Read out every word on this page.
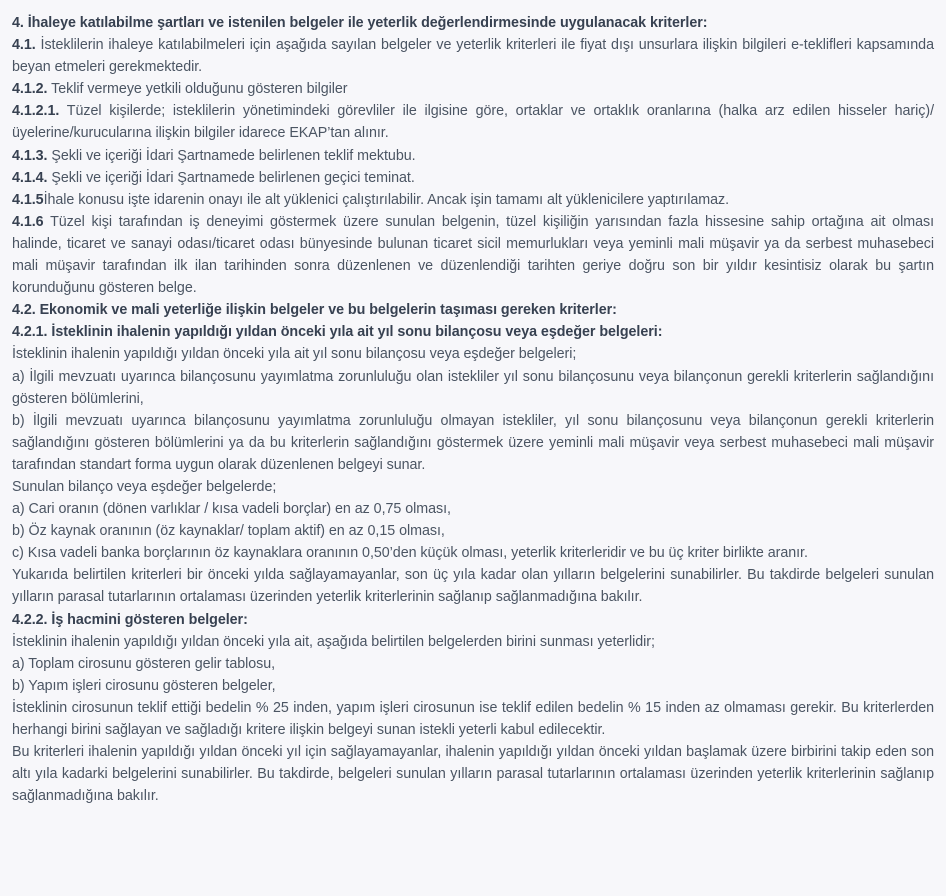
4. İhaleye katılabilme şartları ve istenilen belgeler ile yeterlik değerlendirmesinde uygulanacak kriterler:

4.1. İsteklilerin ihaleye katılabilmeleri için aşağıda sayılan belgeler ve yeterlik kriterleri ile fiyat dışı unsurlara ilişkin bilgileri e-teklifleri kapsamında beyan etmeleri gerekmektedir.

4.1.2. Teklif vermeye yetkili olduğunu gösteren bilgiler

4.1.2.1. Tüzel kişilerde; isteklilerin yönetimindeki görevliler ile ilgisine göre, ortaklar ve ortaklık oranlarına (halka arz edilen hisseler hariç)/üyelerine/kurucularına ilişkin bilgiler idarece EKAP’tan alınır.

4.1.3. Şekli ve içeriği İdari Şartnamede belirlenen teklif mektubu.

4.1.4. Şekli ve içeriği İdari Şartnamede belirlenen geçici teminat.

4.1.5İhale konusu işte idarenin onayı ile alt yüklenici çalıştırılabilir. Ancak işin tamamı alt yüklenicilere yaptırılamaz.

4.1.6 Tüzel kişi tarafından iş deneyimi göstermek üzere sunulan belgenin, tüzel kişiliğin yarısından fazla hissesine sahip ortağına ait olması halinde, ticaret ve sanayi odası/ticaret odası bünyesinde bulunan ticaret sicil memurlukları veya yeminli mali müşavir ya da serbest muhasebeci mali müşavir tarafından ilk ilan tarihinden sonra düzenlenen ve düzenlendiği tarihten geriye doğru son bir yıldır kesintisiz olarak bu şartın korunduğunu gösteren belge.

4.2. Ekonomik ve mali yeterliğe ilişkin belgeler ve bu belgelerin taşıması gereken kriterler:

4.2.1. İsteklinin ihalenin yapıldığı yıldan önceki yıla ait yıl sonu bilançosu veya eşdeğer belgeleri:

İsteklinin ihalenin yapıldığı yıldan önceki yıla ait yıl sonu bilançosu veya eşdeğer belgeleri;

a) İlgili mevzuatı uyarınca bilançosunu yayımlatma zorunluluğu olan istekliler yıl sonu bilançosunu veya bilançonun gerekli kriterlerin sağlandığını gösteren bölümlerini,

b) İlgili mevzuatı uyarınca bilançosunu yayımlatma zorunluluğu olmayan istekliler, yıl sonu bilançosunu veya bilançonun gerekli kriterlerin sağlandığını gösteren bölümlerini ya da bu kriterlerin sağlandığını göstermek üzere yeminli mali müşavir veya serbest muhasebeci mali müşavir tarafından standart forma uygun olarak düzenlenen belgeyi sunar.

Sunulan bilanço veya eşdeğer belgelerde;

a) Cari oranın (dönen varlıklar / kısa vadeli borçlar) en az 0,75 olması,

b) Öz kaynak oranının (öz kaynaklar/ toplam aktif) en az 0,15 olması,

c) Kısa vadeli banka borçlarının öz kaynaklara oranının 0,50’den küçük olması, yeterlik kriterleridir ve bu üç kriter birlikte aranır.

Yukarıda belirtilen kriterleri bir önceki yılda sağlayamayanlar, son üç yıla kadar olan yılların belgelerini sunabilirler. Bu takdirde belgeleri sunulan yılların parasal tutarlarının ortalaması üzerinden yeterlik kriterlerinin sağlanıp sağlanmadığına bakılır.

4.2.2. İş hacmini gösteren belgeler:

İsteklinin ihalenin yapıldığı yıldan önceki yıla ait, aşağıda belirtilen belgelerden birini sunması yeterlidir;

a) Toplam cirosunu gösteren gelir tablosu,

b) Yapım işleri cirosunu gösteren belgeler,

İsteklinin cirosunun teklif ettiği bedelin % 25 inden, yapım işleri cirosunun ise teklif edilen bedelin % 15 inden az olmaması gerekir. Bu kriterlerden herhangi birini sağlayan ve sağladığı kritere ilişkin belgeyi sunan istekli yeterli kabul edilecektir.

Bu kriterleri ihalenin yapıldığı yıldan önceki yıl için sağlayamayanlar, ihalenin yapıldığı yıldan önceki yıldan başlamak üzere birbirini takip eden son altı yıla kadarki belgelerini sunabilirler. Bu takdirde, belgeleri sunulan yılların parasal tutarlarının ortalaması üzerinden yeterlik kriterlerinin sağlanıp sağlanmadığına bakılır.
